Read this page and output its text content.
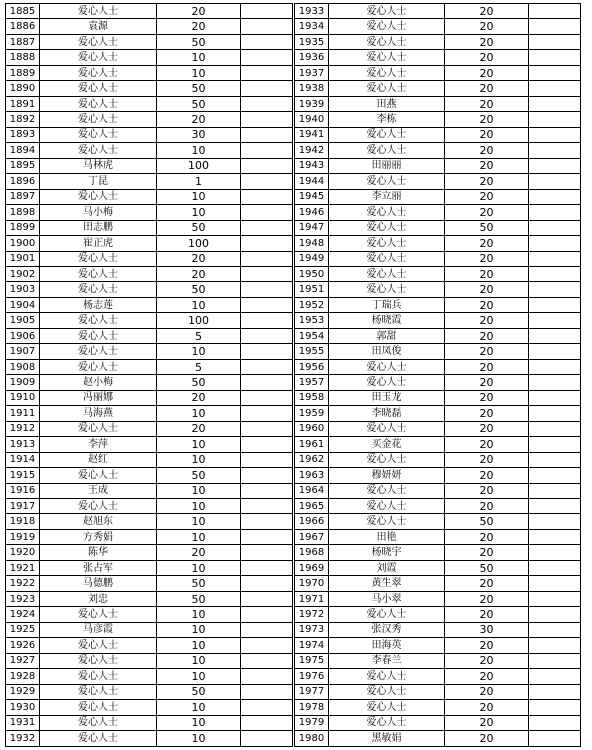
1885	爱心人士	20	
1886	袁源	20	
1887	爱心人士	50	
1888	爱心人士	10	
1889	爱心人士	10	
1890	爱心人士	50	
1891	爱心人士	50	
1892	爱心人士	20	
1893	爱心人士	30	
1894	爱心人士	10	
1895	马林虎	100	
1896	丁昆	1	
1897	爱心人士	10	
1898	马小梅	10	
1899	田志鹏	50	
1900	崔正虎	100	
1901	爱心人士	20	
1902	爱心人士	20	
1903	爱心人士	50	
1904	杨志莲	10	
1905	爱心人士	100	
1906	爱心人士	5	
1907	爱心人士	10	
1908	爱心人士	5	
1909	赵小梅	50	
1910	冯丽娜	20	
1911	马海燕	10	
1912	爱心人士	20	
1913	李萍	10	
1914	赵红	10	
1915	爱心人士	50	
1916	王成	10	
1917	爱心人士	10	
1918	赵旭东	10	
1919	方秀娟	10	
1920	陈华	20	
1921	张占军	10	
1922	马德鹏	50	
1923	刘忠	50	
1924	爱心人士	10	
1925	马彦霞	10	
1926	爱心人士	10	
1927	爱心人士	10	
1928	爱心人士	10	
1929	爱心人士	50	
1930	爱心人士	10	
1931	爱心人士	10	
1932	爱心人士	10	
1933	爱心人士	20	
1934	爱心人士	20	
1935	爱心人士	20	
1936	爱心人士	20	
1937	爱心人士	20	
1938	爱心人士	20	
1939	田燕	20	
1940	李栋	20	
1941	爱心人士	20	
1942	爱心人士	20	
1943	田丽丽	20	
1944	爱心人士	20	
1945	李立丽	20	
1946	爱心人士	20	
1947	爱心人士	50	
1948	爱心人士	20	
1949	爱心人士	20	
1950	爱心人士	20	
1951	爱心人士	20	
1952	丁瑞兵	20	
1953	杨晓霞	20	
1954	郭甜	20	
1955	田凤俊	20	
1956	爱心人士	20	
1957	爱心人士	20	
1958	田玉龙	20	
1959	李晓磊	20	
1960	爱心人士	20	
1961	买金花	20	
1962	爱心人士	20	
1963	穆妍妍	20	
1964	爱心人士	20	
1965	爱心人士	20	
1966	爱心人士	50	
1967	田艳	20	
1968	杨晓宇	20	
1969	刘霞	50	
1970	黄生翠	20	
1971	马小翠	20	
1972	爱心人士	20	
1973	张汉秀	30	
1974	田海英	20	
1975	李春兰	20	
1976	爱心人士	20	
1977	爱心人士	20	
1978	爱心人士	20	
1979	爱心人士	20	
1980	黑敏娟	20	
